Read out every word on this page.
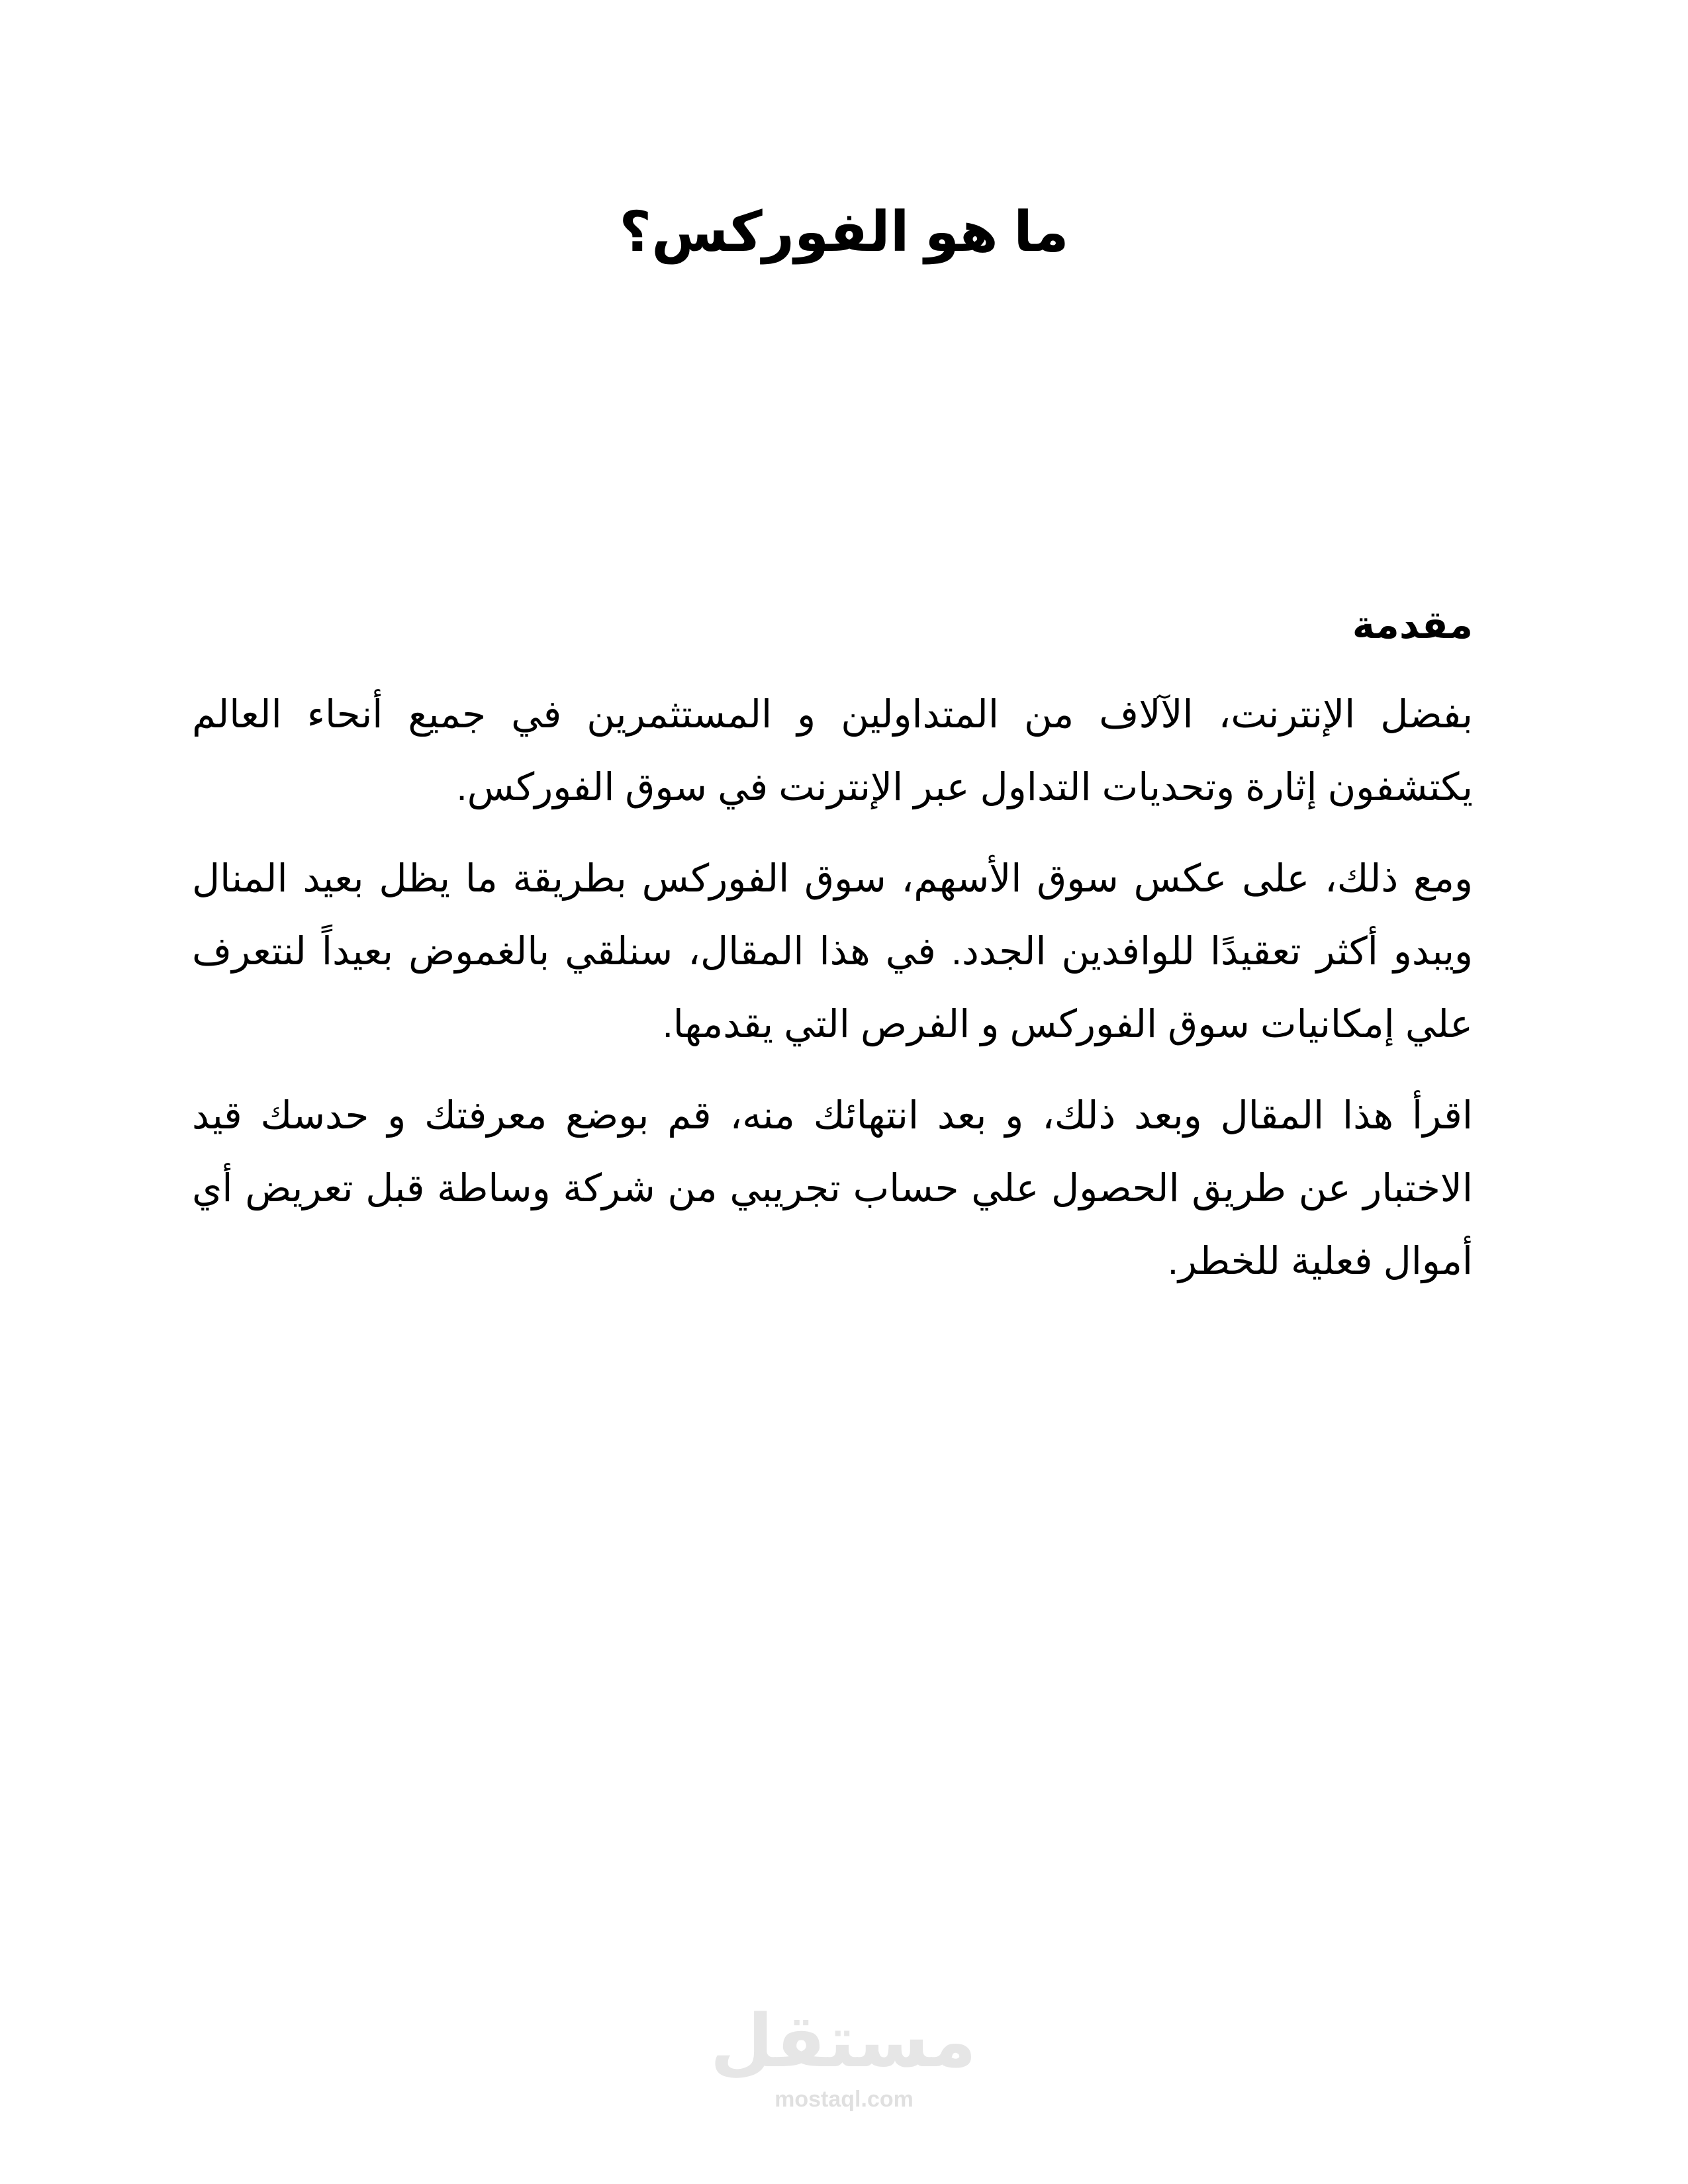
ما هو الفوركس؟
مقدمة

بفضل الإنترنت، الآلاف من المتداولين و المستثمرين في جميع أنحاء العالم يكتشفون إثارة وتحديات التداول عبر الإنترنت في سوق الفوركس.

ومع ذلك، على عكس سوق الأسهم، سوق الفوركس بطريقة ما يظل بعيد المنال ويبدو أكثر تعقيدًا للوافدين الجدد. في هذا المقال، سنلقي بالغموض بعيداً لنتعرف علي إمكانيات سوق الفوركس و الفرص التي يقدمها.

اقرأ هذا المقال وبعد ذلك، و بعد انتهائك منه، قم بوضع معرفتك و حدسك قيد الاختبار عن طريق الحصول علي حساب تجريبي من شركة وساطة قبل تعريض أي أموال فعلية للخطر.

مستقل
mostaql.com
